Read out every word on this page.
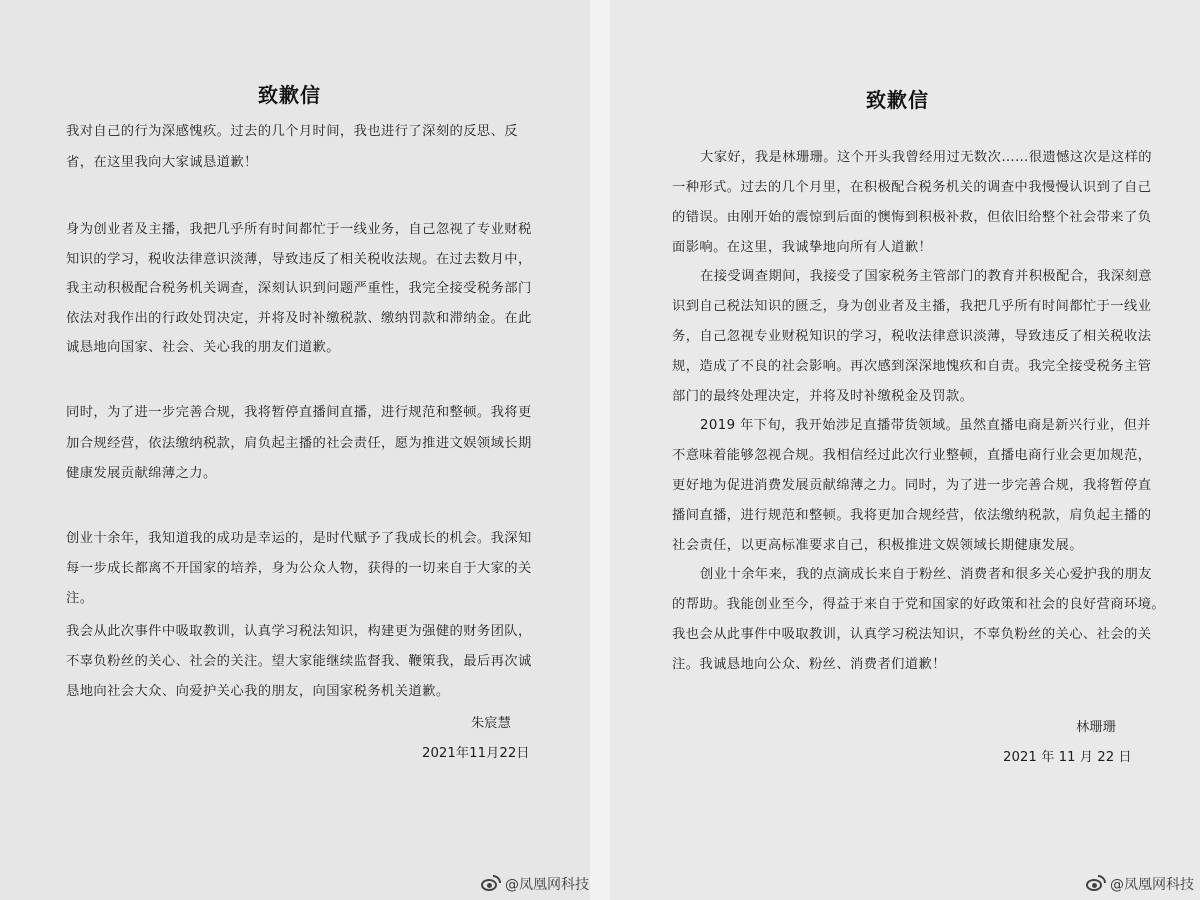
致歉信
我对自己的行为深感愧疚。过去的几个月时间，我也进行了深刻的反思、反
省，在这里我向大家诚恳道歉！
身为创业者及主播，我把几乎所有时间都忙于一线业务，自己忽视了专业财税
知识的学习，税收法律意识淡薄，导致违反了相关税收法规。在过去数月中，
我主动积极配合税务机关调查，深刻认识到问题严重性，我完全接受税务部门
依法对我作出的行政处罚决定，并将及时补缴税款、缴纳罚款和滞纳金。在此
诚恳地向国家、社会、关心我的朋友们道歉。
同时，为了进一步完善合规，我将暂停直播间直播，进行规范和整顿。我将更
加合规经营，依法缴纳税款，肩负起主播的社会责任，愿为推进文娱领域长期
健康发展贡献绵薄之力。
创业十余年，我知道我的成功是幸运的，是时代赋予了我成长的机会。我深知
每一步成长都离不开国家的培养，身为公众人物，获得的一切来自于大家的关
注。
我会从此次事件中吸取教训，认真学习税法知识，构建更为强健的财务团队，
不辜负粉丝的关心、社会的关注。望大家能继续监督我、鞭策我，最后再次诚
恳地向社会大众、向爱护关心我的朋友，向国家税务机关道歉。
朱宸慧
2021年11月22日
@凤凰网科技
致歉信
大家好，我是林珊珊。这个开头我曾经用过无数次……很遗憾这次是这样的
一种形式。过去的几个月里，在积极配合税务机关的调查中我慢慢认识到了自己
的错误。由刚开始的震惊到后面的懊悔到积极补救，但依旧给整个社会带来了负
面影响。在这里，我诚挚地向所有人道歉！
在接受调查期间，我接受了国家税务主管部门的教育并积极配合，我深刻意
识到自己税法知识的匮乏，身为创业者及主播，我把几乎所有时间都忙于一线业
务，自己忽视专业财税知识的学习，税收法律意识淡薄，导致违反了相关税收法
规，造成了不良的社会影响。再次感到深深地愧疚和自责。我完全接受税务主管
部门的最终处理决定，并将及时补缴税金及罚款。
2019 年下旬，我开始涉足直播带货领域。虽然直播电商是新兴行业，但并
不意味着能够忽视合规。我相信经过此次行业整顿，直播电商行业会更加规范，
更好地为促进消费发展贡献绵薄之力。同时，为了进一步完善合规，我将暂停直
播间直播，进行规范和整顿。我将更加合规经营，依法缴纳税款，肩负起主播的
社会责任，以更高标准要求自己，积极推进文娱领域长期健康发展。
创业十余年来，我的点滴成长来自于粉丝、消费者和很多关心爱护我的朋友
的帮助。我能创业至今，得益于来自于党和国家的好政策和社会的良好营商环境。
我也会从此事件中吸取教训，认真学习税法知识，不辜负粉丝的关心、社会的关
注。我诚恳地向公众、粉丝、消费者们道歉！
林珊珊
2021 年 11 月 22 日
@凤凰网科技
